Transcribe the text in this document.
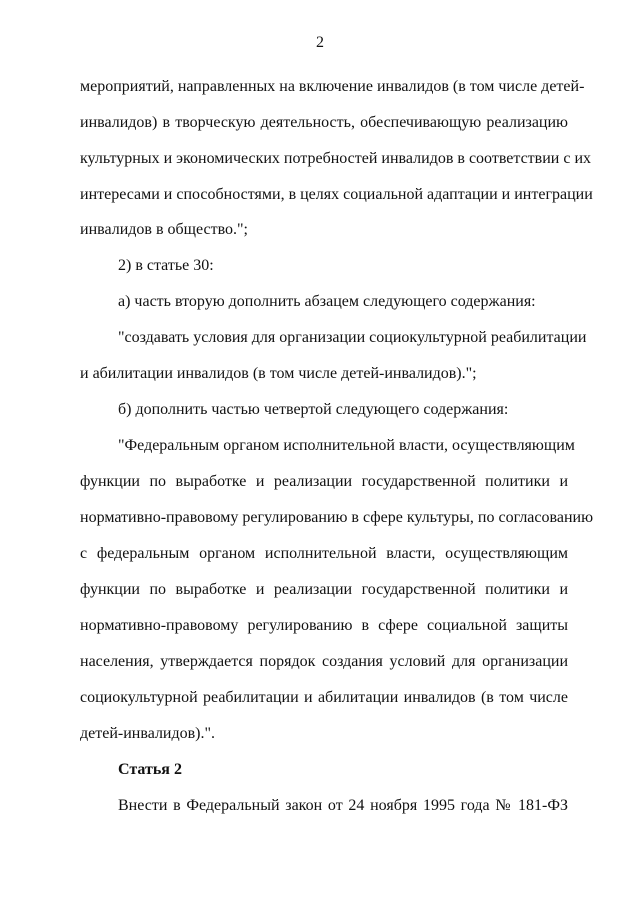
2
мероприятий, направленных на включение инвалидов (в том числе детей-
инвалидов) в творческую деятельность, обеспечивающую реализацию
культурных и экономических потребностей инвалидов в соответствии с их
интересами и способностями, в целях социальной адаптации и интеграции
инвалидов в общество.";
2) в статье 30:
а) часть вторую дополнить абзацем следующего содержания:
"создавать условия для организации социокультурной реабилитации
и абилитации инвалидов (в том числе детей-инвалидов).";
б) дополнить частью четвертой следующего содержания:
"Федеральным органом исполнительной власти, осуществляющим
функции по выработке и реализации государственной политики и
нормативно-правовому регулированию в сфере культуры, по согласованию
с федеральным органом исполнительной власти, осуществляющим
функции по выработке и реализации государственной политики и
нормативно-правовому регулированию в сфере социальной защиты
населения, утверждается порядок создания условий для организации
социокультурной реабилитации и абилитации инвалидов (в том числе
детей-инвалидов).".
Статья 2
Внести в Федеральный закон от 24 ноября 1995 года № 181-ФЗ
